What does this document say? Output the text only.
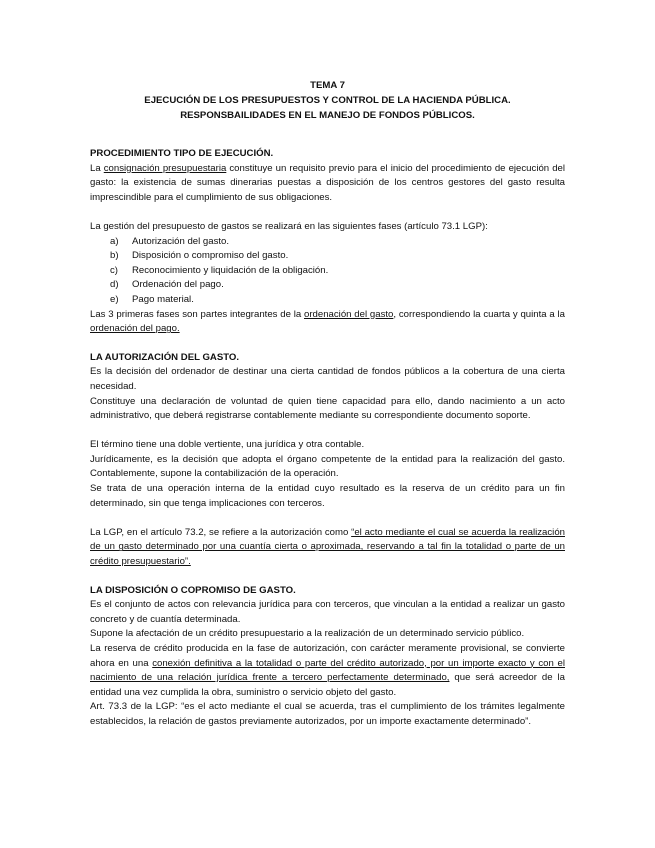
TEMA 7
EJECUCIÓN DE LOS PRESUPUESTOS Y CONTROL DE LA HACIENDA PÚBLICA.
RESPONSBAILIDADES EN EL MANEJO DE FONDOS PÚBLICOS.
PROCEDIMIENTO TIPO DE EJECUCIÓN.

La consignación presupuestaria constituye un requisito previo para el inicio del procedimiento de ejecución del gasto: la existencia de sumas dinerarias puestas a disposición de los centros gestores del gasto resulta imprescindible para el cumplimiento de sus obligaciones.

La gestión del presupuesto de gastos se realizará en las siguientes fases (artículo 73.1 LGP):

a)	Autorización del gasto.
b)	Disposición o compromiso del gasto.
c)	Reconocimiento y liquidación de la obligación.
d)	Ordenación del pago.
e)	Pago material.

Las 3 primeras fases son partes integrantes de la ordenación del gasto, correspondiendo la cuarta y quinta a la ordenación del pago.

LA AUTORIZACIÓN DEL GASTO.

Es la decisión del ordenador de destinar una cierta cantidad de fondos públicos a la cobertura de una cierta necesidad.

Constituye una declaración de voluntad de quien tiene capacidad para ello, dando nacimiento a un acto administrativo, que deberá registrarse contablemente mediante su correspondiente documento soporte.

El término tiene una doble vertiente, una jurídica y otra contable.

Jurídicamente, es la decisión que adopta el órgano competente de la entidad para la realización del gasto. Contablemente, supone la contabilización de la operación.

Se trata de una operación interna de la entidad cuyo resultado es la reserva de un crédito para un fin determinado, sin que tenga implicaciones con terceros.

La LGP, en el artículo 73.2, se refiere a la autorización como “el acto mediante el cual se acuerda la realización de un gasto determinado por una cuantía cierta o aproximada, reservando a tal fin la totalidad o parte de un crédito presupuestario”.

LA DISPOSICIÓN O COPROMISO DE GASTO.

Es el conjunto de actos con relevancia jurídica para con terceros, que vinculan a la entidad a realizar un gasto concreto y de cuantía determinada.

Supone la afectación de un crédito presupuestario a la realización de un determinado servicio público.

La reserva de crédito producida en la fase de autorización, con carácter meramente provisional, se convierte ahora en una conexión definitiva a la totalidad o parte del crédito autorizado, por un importe exacto y con el nacimiento de una relación jurídica frente a tercero perfectamente determinado, que será acreedor de la entidad una vez cumplida la obra, suministro o servicio objeto del gasto.

Art. 73.3 de la LGP: “es el acto mediante el cual se acuerda, tras el cumplimiento de los trámites legalmente establecidos, la relación de gastos previamente autorizados, por un importe exactamente determinado”.
